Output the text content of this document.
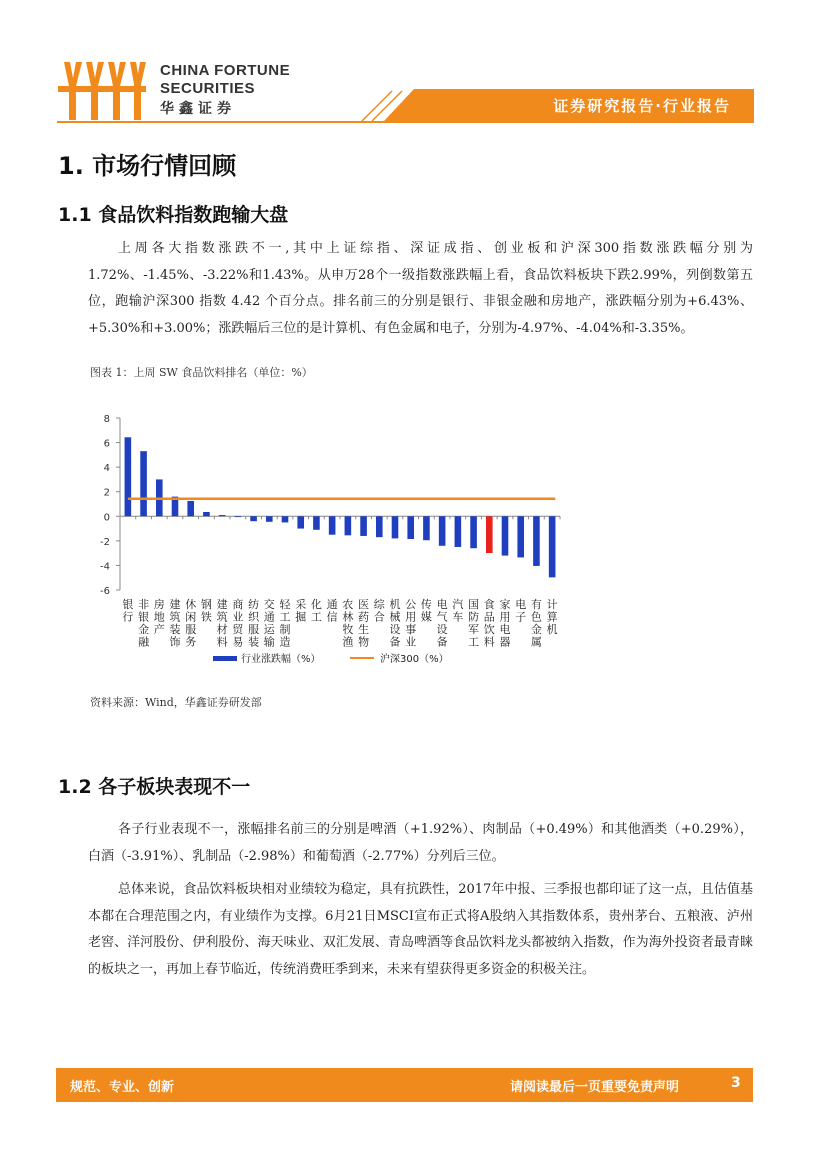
CHINA FORTUNE
SECURITIES
华鑫证券	证券研究报告·行业报告
1. 市场行情回顾
1.1 食品饮料指数跑输大盘

上周各大指数涨跌不一,其中上证综指、深证成指、创业板和沪深300指数涨跌幅分别为1.72%、-1.45%、-3.22%和1.43%。从申万28个一级指数涨跌幅上看，食品饮料板块下跌2.99%，列倒数第五位，跑输沪深300 指数 4.42 个百分点。排名前三的分别是银行、非银金融和房地产，涨跌幅分别为+6.43%、+5.30%和+3.00%；涨跌幅后三位的是计算机、有色金属和电子，分别为-4.97%、-4.04%和-3.35%。

图表 1：上周 SW 食品饮料排名（单位：%）
8
6
4
2
0
-2
-4
-6
银行
非银金融
房地产
建筑装饰
休闲服务
钢铁
建筑材料
商业贸易
纺织服装
交通运输
轻工制造
采掘
化工
通信
农林牧渔
医药生物
综合
机械设备
公用事业
传媒
电气设备
汽车
国防军工
食品饮料
家用电器
电子
有色金属
计算机
行业涨跌幅（%）	沪深300（%）
资料来源：Wind，华鑫证券研发部
1.2 各子板块表现不一

各子行业表现不一，涨幅排名前三的分别是啤酒（+1.92%）、肉制品（+0.49%）和其他酒类（+0.29%），白酒（-3.91%）、乳制品（-2.98%）和葡萄酒（-2.77%）分列后三位。

总体来说，食品饮料板块相对业绩较为稳定，具有抗跌性，2017年中报、三季报也都印证了这一点，且估值基本都在合理范围之内，有业绩作为支撑。6月21日MSCI宣布正式将A股纳入其指数体系，贵州茅台、五粮液、泸州老窖、洋河股份、伊利股份、海天味业、双汇发展、青岛啤酒等食品饮料龙头都被纳入指数，作为海外投资者最青睐的板块之一，再加上春节临近，传统消费旺季到来，未来有望获得更多资金的积极关注。

规范、专业、创新	请阅读最后一页重要免责声明	3
